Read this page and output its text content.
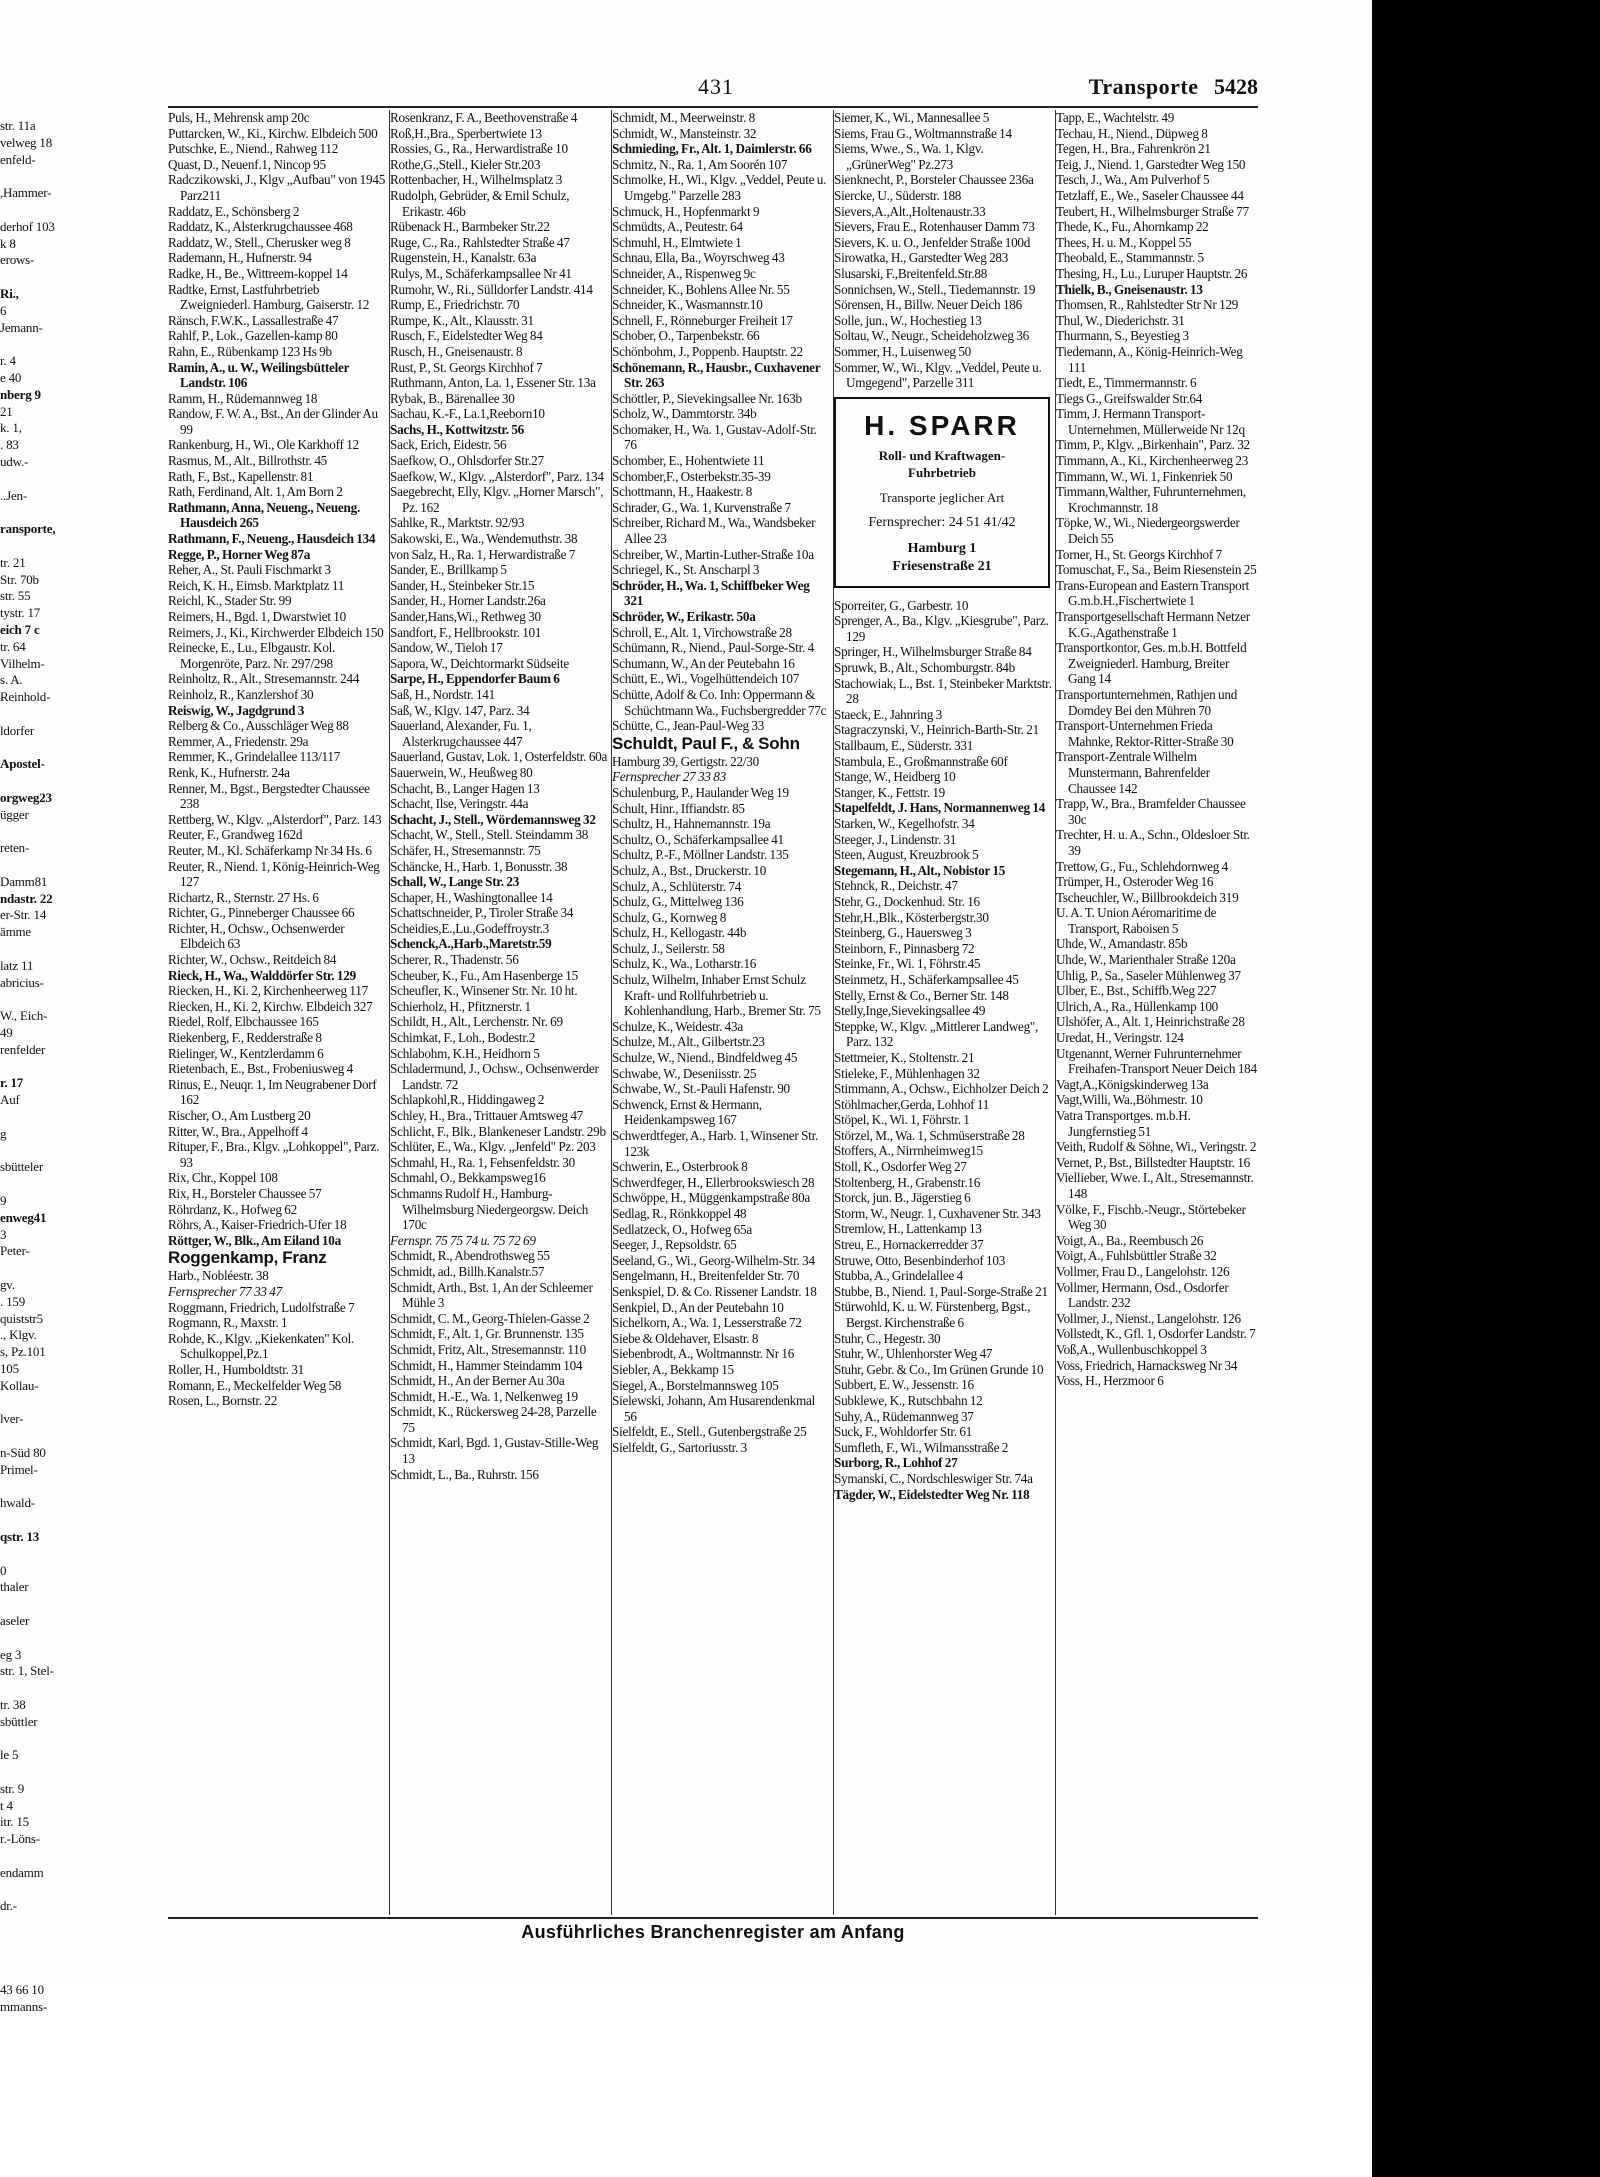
str. 11a
velweg 18
enfeld-

,Hammer-

derhof 103
k 8
erows-

Ri.,
6
Jemann-

r. 4
e 40
nberg 9
21
k. 1,
. 83
udw.-

..Jen-

ransporte,

tr. 21
Str. 70b
str. 55
tystr. 17
eich 7 c
tr. 64
Vilhelm-
s. A.
Reinhold-

ldorfer

Apostel-

orgweg23
ügger

reten-

Damm81
ndastr. 22
er-Str. 14
ämme

latz 11
abricius-

W., Eich-
49
renfelder

r. 17
Auf

g

sbütteler

9
enweg41
3
Peter-

gv.
. 159
quiststr5
., Klgv.
s, Pz.101
105
Kollau-

lver-

n-Süd 80
Primel-

hwald-

qstr. 13

0
thaler

aseler

eg 3
str. 1, Stel-

tr. 38
sbüttler

le 5

str. 9
t 4
itr. 15
r.-Löns-

endamm

dr.-

43 66 10
mmanns-
431	Transporte 5428

Puls, H., Mehrensk amp 20c

Puttarcken, W., Ki., Kirchw. Elbdeich 500

Putschke, E., Niend., Rahweg 112

Quast, D., Neuenf.1, Nincop 95

Radczikowski, J., Klgv „Aufbau" von 1945 Parz211

Raddatz, E., Schönsberg 2

Raddatz, K., Alsterkrugchaussee 468

Raddatz, W., Stell., Cherusker weg 8

Rademann, H., Hufnerstr. 94

Radke, H., Be., Wittreem-koppel 14

Radtke, Ernst, Lastfuhrbetrieb Zweigniederl. Hamburg, Gaiserstr. 12

Ränsch, F.W.K., Lassallestraße 47

Rahlf, P., Lok., Gazellen-kamp 80

Rahn, E., Rübenkamp 123 Hs 9b

Ramin, A., u. W., Weilingsbütteler Landstr. 106

Ramm, H., Rüdemannweg 18

Randow, F. W. A., Bst., An der Glinder Au 99

Rankenburg, H., Wi., Ole Karkhoff 12

Rasmus, M., Alt., Billrothstr. 45

Rath, F., Bst., Kapellenstr. 81

Rath, Ferdinand, Alt. 1, Am Born 2

Rathmann, Anna, Neueng., Neueng. Hausdeich 265

Rathmann, F., Neueng., Hausdeich 134

Regge, P., Horner Weg 87a

Reher, A., St. Pauli Fischmarkt 3

Reich, K. H., Eimsb. Marktplatz 11

Reichl, K., Stader Str. 99

Reimers, H., Bgd. 1, Dwarstwiet 10

Reimers, J., Ki., Kirchwerder Elbdeich 150

Reinecke, E., Lu., Elbgaustr. Kol. Morgenröte, Parz. Nr. 297/298

Reinholtz, R., Alt., Stresemannstr. 244

Reinholz, R., Kanzlershof 30

Reiswig, W., Jagdgrund 3

Relberg & Co., Ausschläger Weg 88

Remmer, A., Friedenstr. 29a

Remmer, K., Grindelallee 113/117

Renk, K., Hufnerstr. 24a

Renner, M., Bgst., Bergstedter Chaussee 238

Rettberg, W., Klgv. „Alsterdorf", Parz. 143

Reuter, F., Grandweg 162d

Reuter, M., Kl. Schäferkamp Nr 34 Hs. 6

Reuter, R., Niend. 1, König-Heinrich-Weg 127

Richartz, R., Sternstr. 27 Hs. 6

Richter, G., Pinneberger Chaussee 66

Richter, H., Ochsw., Ochsenwerder Elbdeich 63

Richter, W., Ochsw., Reitdeich 84

Rieck, H., Wa., Walddörfer Str. 129

Riecken, H., Ki. 2, Kirchenheerweg 117

Riecken, H., Ki. 2, Kirchw. Elbdeich 327

Riedel, Rolf, Elbchaussee 165

Riekenberg, F., Redderstraße 8

Rielinger, W., Kentzlerdamm 6

Rietenbach, E., Bst., Frobeniusweg 4

Rinus, E., Neuqr. 1, Im Neugrabener Dorf 162

Rischer, O., Am Lustberg 20

Ritter, W., Bra., Appelhoff 4

Rituper, F., Bra., Klgv. „Lohkoppel", Parz. 93

Rix, Chr., Koppel 108

Rix, H., Borsteler Chaussee 57

Röhrdanz, K., Hofweg 62

Röhrs, A., Kaiser-Friedrich-Ufer 18

Röttger, W., Blk., Am Eiland 10a

Roggenkamp, Franz

Harb., Nobléestr. 38

Fernsprecher 77 33 47

Roggmann, Friedrich, Ludolfstraße 7

Rogmann, R., Maxstr. 1

Rohde, K., Klgv. „Kiekenkaten" Kol. Schulkoppel,Pz.1

Roller, H., Humboldtstr. 31

Romann, E., Meckelfelder Weg 58

Rosen, L., Bornstr. 22

Rosenkranz, F. A., Beethovenstraße 4

Roß,H.,Bra., Sperbertwiete 13

Rossies, G., Ra., Herwardistraße 10

Rothe,G.,Stell., Kieler Str.203

Rottenbacher, H., Wilhelmsplatz 3

Rudolph, Gebrüder, & Emil Schulz, Erikastr. 46b

Rübenack H., Barmbeker Str.22

Ruge, C., Ra., Rahlstedter Straße 47

Rugenstein, H., Kanalstr. 63a

Rulys, M., Schäferkampsallee Nr 41

Rumohr, W., Ri., Sülldorfer Landstr. 414

Rump, E., Friedrichstr. 70

Rumpe, K., Alt., Klausstr. 31

Rusch, F., Eidelstedter Weg 84

Rusch, H., Gneisenaustr. 8

Rust, P., St. Georgs Kirchhof 7

Ruthmann, Anton, La. 1, Essener Str. 13a

Rybak, B., Bärenallee 30

Sachau, K.-F., La.1,Reeborn10

Sachs, H., Kottwitzstr. 56

Sack, Erich, Eidestr. 56

Saefkow, O., Ohlsdorfer Str.27

Saefkow, W., Klgv. „Alsterdorf", Parz. 134

Saegebrecht, Elly, Klgv. „Horner Marsch", Pz. 162

Sahlke, R., Marktstr. 92/93

Sakowski, E., Wa., Wendemuthstr. 38

von Salz, H., Ra. 1, Herwardistraße 7

Sander, E., Brillkamp 5

Sander, H., Steinbeker Str.15

Sander, H., Horner Landstr.26a

Sander,Hans,Wi., Rethweg 30

Sandfort, F., Hellbrookstr. 101

Sandow, W., Tieloh 17

Sapora, W., Deichtormarkt Südseite

Sarpe, H., Eppendorfer Baum 6

Saß, H., Nordstr. 141

Saß, W., Klgv. 147, Parz. 34

Sauerland, Alexander, Fu. 1, Alsterkrugchaussee 447

Sauerland, Gustav, Lok. 1, Osterfeldstr. 60a

Sauerwein, W., Heußweg 80

Schacht, B., Langer Hagen 13

Schacht, Ilse, Veringstr. 44a

Schacht, J., Stell., Wördemannsweg 32

Schacht, W., Stell., Stell. Steindamm 38

Schäfer, H., Stresemannstr. 75

Schäncke, H., Harb. 1, Bonusstr. 38

Schall, W., Lange Str. 23

Schaper, H., Washingtonallee 14

Schattschneider, P., Tiroler Straße 34

Scheidies,E.,Lu.,Godeffroystr.3

Schenck,A.,Harb.,Maretstr.59

Scherer, R., Thadenstr. 56

Scheuber, K., Fu., Am Hasenberge 15

Scheufler, K., Winsener Str. Nr. 10 ht.

Schierholz, H., Pfitznerstr. 1

Schildt, H., Alt., Lerchenstr. Nr. 69

Schimkat, F., Loh., Bodestr.2

Schlabohm, K.H., Heidhorn 5

Schladermund, J., Ochsw., Ochsenwerder Landstr. 72

Schlapkohl,R., Hiddingaweg 2

Schley, H., Bra., Trittauer Amtsweg 47

Schlicht, F., Blk., Blankeneser Landstr. 29b

Schlüter, E., Wa., Klgv. „Jenfeld" Pz. 203

Schmahl, H., Ra. 1, Fehsenfeldstr. 30

Schmahl, O., Bekkampsweg16

Schmanns Rudolf H., Hamburg-Wilhelmsburg Niedergeorgsw. Deich 170c

Fernspr. 75 75 74 u. 75 72 69

Schmidt, R., Abendrothsweg 55

Schmidt, ad., Billh.Kanalstr.57

Schmidt, Arth., Bst. 1, An der Schleemer Mühle 3

Schmidt, C. M., Georg-Thielen-Gasse 2

Schmidt, F., Alt. 1, Gr. Brunnenstr. 135

Schmidt, Fritz, Alt., Stresemannstr. 110

Schmidt, H., Hammer Steindamm 104

Schmidt, H., An der Berner Au 30a

Schmidt, H.-E., Wa. 1, Nelkenweg 19

Schmidt, K., Rückersweg 24-28, Parzelle 75

Schmidt, Karl, Bgd. 1, Gustav-Stille-Weg 13

Schmidt, L., Ba., Ruhrstr. 156

Schmidt, M., Meerweinstr. 8

Schmidt, W., Mansteinstr. 32

Schmieding, Fr., Alt. 1, Daimlerstr. 66

Schmitz, N., Ra. 1, Am Soorén 107

Schmolke, H., Wi., Klgv. „Veddel, Peute u. Umgebg." Parzelle 283

Schmuck, H., Hopfenmarkt 9

Schmüdts, A., Peutestr. 64

Schmuhl, H., Elmtwiete 1

Schnau, Ella, Ba., Woyrschweg 43

Schneider, A., Rispenweg 9c

Schneider, K., Bohlens Allee Nr. 55

Schneider, K., Wasmannstr.10

Schnell, F., Rönneburger Freiheit 17

Schober, O., Tarpenbekstr. 66

Schönbohm, J., Poppenb. Hauptstr. 22

Schönemann, R., Hausbr., Cuxhavener Str. 263

Schöttler, P., Sievekingsallee Nr. 163b

Scholz, W., Dammtorstr. 34b

Schomaker, H., Wa. 1, Gustav-Adolf-Str. 76

Schomber, E., Hohentwiete 11

Schomber,F., Osterbekstr.35-39

Schottmann, H., Haakestr. 8

Schrader, G., Wa. 1, Kurvenstraße 7

Schreiber, Richard M., Wa., Wandsbeker Allee 23

Schreiber, W., Martin-Luther-Straße 10a

Schriegel, K., St. Anscharpl 3

Schröder, H., Wa. 1, Schiffbeker Weg 321

Schröder, W., Erikastr. 50a

Schroll, E., Alt. 1, Virchowstraße 28

Schümann, R., Niend., Paul-Sorge-Str. 4

Schumann, W., An der Peutebahn 16

Schütt, E., Wi., Vogelhüttendeich 107

Schütte, Adolf & Co. Inh: Oppermann & Schüchtmann Wa., Fuchsbergredder 77c

Schütte, C., Jean-Paul-Weg 33

Schuldt, Paul F., & Sohn

Hamburg 39, Gertigstr. 22/30

Fernsprecher 27 33 83

Schulenburg, P., Haulander Weg 19

Schult, Hinr., Iffiandstr. 85

Schultz, H., Hahnemannstr. 19a

Schultz, O., Schäferkampsallee 41

Schultz, P.-F., Möllner Landstr. 135

Schulz, A., Bst., Druckerstr. 10

Schulz, A., Schlüterstr. 74

Schulz, G., Mittelweg 136

Schulz, G., Kornweg 8

Schulz, H., Kellogastr. 44b

Schulz, J., Seilerstr. 58

Schulz, K., Wa., Lotharstr.16

Schulz, Wilhelm, Inhaber Ernst Schulz Kraft- und Rollfuhrbetrieb u. Kohlenhandlung, Harb., Bremer Str. 75

Schulze, K., Weidestr. 43a

Schulze, M., Alt., Gilbertstr.23

Schulze, W., Niend., Bindfeldweg 45

Schwabe, W., Deseniisstr. 25

Schwabe, W., St.-Pauli Hafenstr. 90

Schwenck, Ernst & Hermann, Heidenkampsweg 167

Schwerdtfeger, A., Harb. 1, Winsener Str. 123k

Schwerin, E., Osterbrook 8

Schwerdfeger, H., Ellerbrookswiesch 28

Schwöppe, H., Müggenkampstraße 80a

Sedlag, R., Rönkkoppel 48

Sedlatzeck, O., Hofweg 65a

Seeger, J., Repsoldstr. 65

Seeland, G., Wi., Georg-Wilhelm-Str. 34

Sengelmann, H., Breitenfelder Str. 70

Senkspiel, D. & Co. Rissener Landstr. 18

Senkpiel, D., An der Peutebahn 10

Sichelkorn, A., Wa. 1, Lesserstraße 72

Siebe & Oldehaver, Elsastr. 8

Siebenbrodt, A., Woltmannstr. Nr 16

Siebler, A., Bekkamp 15

Siegel, A., Borstelmannsweg 105

Sielewski, Johann, Am Husarendenkmal 56

Sielfeldt, E., Stell., Gutenbergstraße 25

Sielfeldt, G., Sartoriusstr. 3

Siemer, K., Wi., Mannesallee 5

Siems, Frau G., Woltmannstraße 14

Siems, Wwe., S., Wa. 1, Klgv. „GrünerWeg" Pz.273

Sienknecht, P., Borsteler Chaussee 236a

Siercke, U., Süderstr. 188

Sievers,A.,Alt.,Holtenaustr.33

Sievers, Frau E., Rotenhauser Damm 73

Sievers, K. u. O., Jenfelder Straße 100d

Sirowatka, H., Garstedter Weg 283

Slusarski, F.,Breitenfeld.Str.88

Sonnichsen, W., Stell., Tiedemannstr. 19

Sörensen, H., Billw. Neuer Deich 186

Solle, jun., W., Hochestieg 13

Soltau, W., Neugr., Scheideholzweg 36

Sommer, H., Luisenweg 50

Sommer, W., Wi., Klgv. „Veddel, Peute u. Umgegend", Parzelle 311

H. SPARR
Roll- und Kraftwagen-
Fuhrbetrieb
Transporte jeglicher Art
Fernsprecher: 24 51 41/42
Hamburg 1
Friesenstraße 21

Sporreiter, G., Garbestr. 10

Sprenger, A., Ba., Klgv. „Kiesgrube", Parz. 129

Springer, H., Wilhelmsburger Straße 84

Spruwk, B., Alt., Schomburgstr. 84b

Stachowiak, L., Bst. 1, Steinbeker Marktstr. 28

Staeck, E., Jahnring 3

Stagraczynski, V., Heinrich-Barth-Str. 21

Stallbaum, E., Süderstr. 331

Stambula, E., Großmannstraße 60f

Stange, W., Heidberg 10

Stanger, K., Fettstr. 19

Stapelfeldt, J. Hans, Normannenweg 14

Starken, W., Kegelhofstr. 34

Steeger, J., Lindenstr. 31

Steen, August, Kreuzbrook 5

Stegemann, H., Alt., Nobistor 15

Stehnck, R., Deichstr. 47

Stehr, G., Dockenhud. Str. 16

Stehr,H.,Blk., Kösterbergstr.30

Steinberg, G., Hauersweg 3

Steinborn, F., Pinnasberg 72

Steinke, Fr., Wi. 1, Föhrstr.45

Steinmetz, H., Schäferkampsallee 45

Stelly, Ernst & Co., Berner Str. 148

Stelly,Inge,Sievekingsallee 49

Steppke, W., Klgv. „Mittlerer Landweg", Parz. 132

Stettmeier, K., Stoltenstr. 21

Stieleke, F., Mühlenhagen 32

Stimmann, A., Ochsw., Eichholzer Deich 2

Stöhlmacher,Gerda, Lohhof 11

Stöpel, K., Wi. 1, Föhrstr. 1

Störzel, M., Wa. 1, Schmüserstraße 28

Stoffers, A., Nirrnheimweg15

Stoll, K., Osdorfer Weg 27

Stoltenberg, H., Grabenstr.16

Storck, jun. B., Jägerstieg 6

Storm, W., Neugr. 1, Cuxhavener Str. 343

Stremlow, H., Lattenkamp 13

Streu, E., Hornackerredder 37

Struwe, Otto, Besenbinderhof 103

Stubba, A., Grindelallee 4

Stubbe, B., Niend. 1, Paul-Sorge-Straße 21

Stürwohld, K. u. W. Fürstenberg, Bgst., Bergst. Kirchenstraße 6

Stuhr, C., Hegestr. 30

Stuhr, W., Uhlenhorster Weg 47

Stuhr, Gebr. & Co., Im Grünen Grunde 10

Subbert, E. W., Jessenstr. 16

Subklewe, K., Rutschbahn 12

Suhy, A., Rüdemannweg 37

Suck, F., Wohldorfer Str. 61

Sumfleth, F., Wi., Wilmansstraße 2

Surborg, R., Lohhof 27

Symanski, C., Nordschleswiger Str. 74a

Tägder, W., Eidelstedter Weg Nr. 118

Tapp, E., Wachtelstr. 49

Techau, H., Niend., Düpweg 8

Tegen, H., Bra., Fahrenkrön 21

Teig, J., Niend. 1, Garstedter Weg 150

Tesch, J., Wa., Am Pulverhof 5

Tetzlaff, E., We., Saseler Chaussee 44

Teubert, H., Wilhelmsburger Straße 77

Thede, K., Fu., Ahornkamp 22

Thees, H. u. M., Koppel 55

Theobald, E., Stammannstr. 5

Thesing, H., Lu., Luruper Hauptstr. 26

Thielk, B., Gneisenaustr. 13

Thomsen, R., Rahlstedter Str Nr 129

Thul, W., Diederichstr. 31

Thurmann, S., Beyestieg 3

Tiedemann, A., König-Heinrich-Weg 111

Tiedt, E., Timmermannstr. 6

Tiegs G., Greifswalder Str.64

Timm, J. Hermann Transport-Unternehmen, Müllerweide Nr 12q

Timm, P., Klgv. „Birkenhain", Parz. 32

Timmann, A., Ki., Kirchenheerweg 23

Timmann, W., Wi. 1, Finkenriek 50

Timmann,Walther, Fuhrunternehmen, Krochmannstr. 18

Töpke, W., Wi., Niedergeorgswerder Deich 55

Torner, H., St. Georgs Kirchhof 7

Tomuschat, F., Sa., Beim Riesenstein 25

Trans-European and Eastern Transport G.m.b.H.,Fischertwiete 1

Transportgesellschaft Hermann Netzer K.G.,Agathenstraße 1

Transportkontor, Ges. m.b.H. Bottfeld Zweigniederl. Hamburg, Breiter Gang 14

Transportunternehmen, Rathjen und Domdey Bei den Mühren 70

Transport-Unternehmen Frieda Mahnke, Rektor-Ritter-Straße 30

Transport-Zentrale Wilhelm Munstermann, Bahrenfelder Chaussee 142

Trapp, W., Bra., Bramfelder Chaussee 30c

Trechter, H. u. A., Schn., Oldesloer Str. 39

Trettow, G., Fu., Schlehdornweg 4

Trümper, H., Osteroder Weg 16

Tscheuchler, W., Billbrookdeich 319

U. A. T. Union Aéromaritime de Transport, Raboisen 5

Uhde, W., Amandastr. 85b

Uhde, W., Marienthaler Straße 120a

Uhlig, P., Sa., Saseler Mühlenweg 37

Ulber, E., Bst., Schiffb.Weg 227

Ulrich, A., Ra., Hüllenkamp 100

Ulshöfer, A., Alt. 1, Heinrichstraße 28

Uredat, H., Veringstr. 124

Utgenannt, Werner Fuhrunternehmer Freihafen-Transport Neuer Deich 184

Vagt,A.,Königskinderweg 13a

Vagt,Willi, Wa.,Böhmestr. 10

Vatra Transportges. m.b.H. Jungfernstieg 51

Veith, Rudolf & Söhne, Wi., Veringstr. 2

Vernet, P., Bst., Billstedter Hauptstr. 16

Viellieber, Wwe. I., Alt., Stresemannstr. 148

Völke, F., Fischb.-Neugr., Störtebeker Weg 30

Voigt, A., Ba., Reembusch 26

Voigt, A., Fuhlsbüttler Straße 32

Vollmer, Frau D., Langelohstr. 126

Vollmer, Hermann, Osd., Osdorfer Landstr. 232

Vollmer, J., Nienst., Langelohstr. 126

Vollstedt, K., Gfl. 1, Osdorfer Landstr. 7

Voß,A., Wullenbuschkoppel 3

Voss, Friedrich, Harnacksweg Nr 34

Voss, H., Herzmoor 6

Ausführliches Branchenregister am Anfang
